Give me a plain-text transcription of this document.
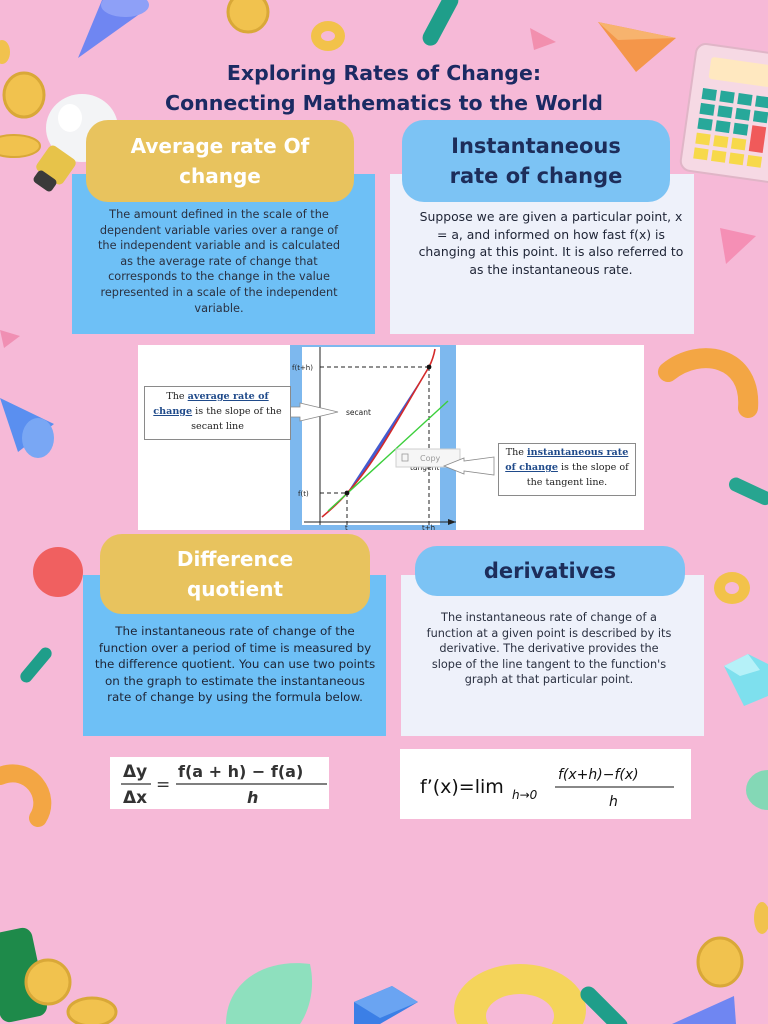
Exploring Rates of Change:
Connecting Mathematics to the World
Average rate Of
change
The amount defined in the scale of the dependent variable varies over a range of the independent variable and is calculated as the average rate of change that corresponds to the change in the value represented in a scale of the independent variable.
Instantaneous
rate of change
Suppose we are given a particular point, x = a, and informed on how fast f(x) is changing at this point. It is also referred to as the instantaneous rate.
f(t+h)
f(t)
t	t+h
secant
Copy
The average rate of
change is the slope of the
secant line
The instantaneous rate
of change is the slope of
the tangent line.
Difference
quotient
The instantaneous rate of change of the function over a period of time is measured by the difference quotient. You can use two points on the graph to estimate the instantaneous rate of change by using the formula below.
derivatives
The instantaneous rate of change of a function at a given point is described by its derivative. The derivative provides the slope of the line tangent to the function's graph at that particular point.
Δy
Δx
=
f(a + h) − f(a)
h	f’(x)=lim h→0
f(x+h)−f(x)
h
